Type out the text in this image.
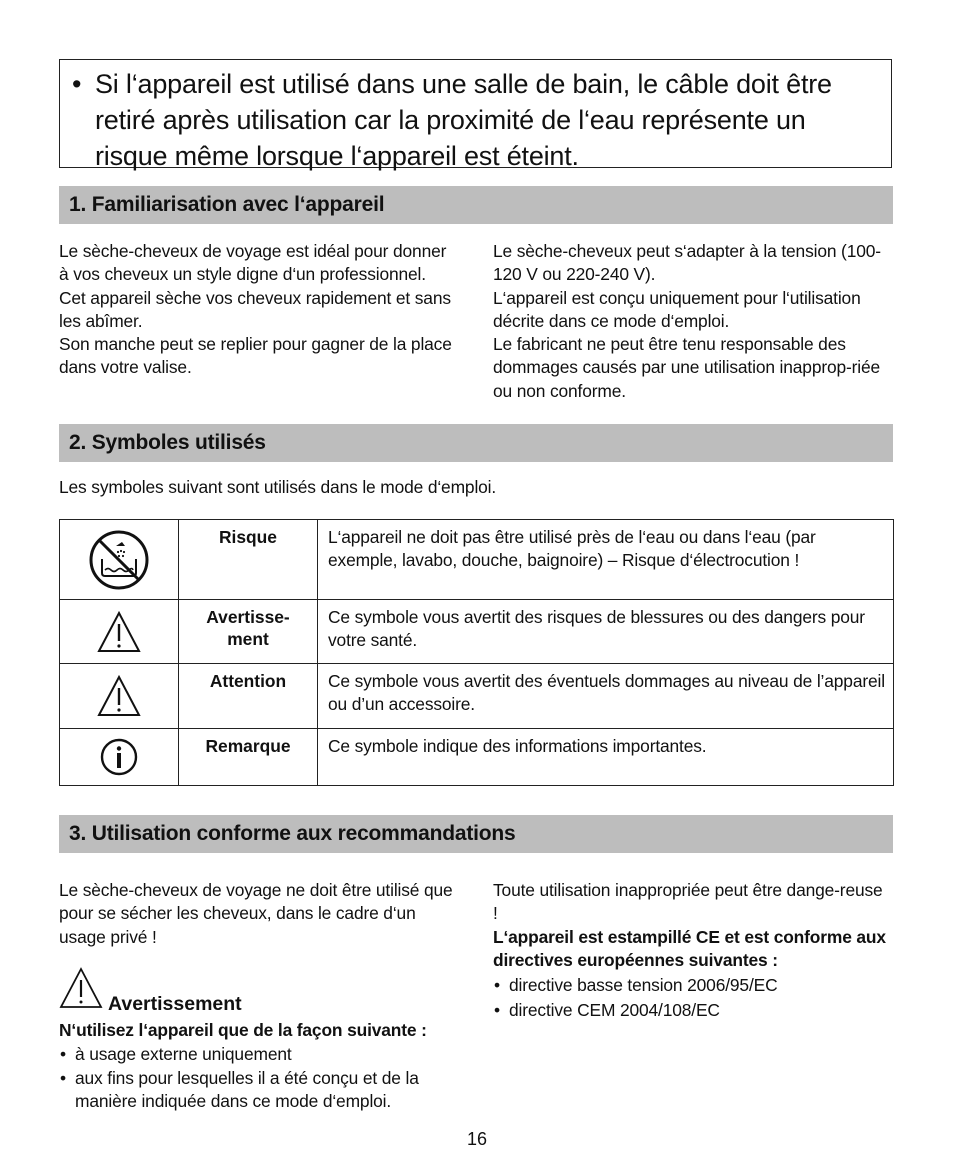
• Si l‘appareil est utilisé dans une salle de bain, le câble doit être retiré après utilisation car la proximité de l‘eau représente un risque même lorsque l‘appareil est éteint.
1. Familiarisation avec l‘appareil

Le sèche-cheveux de voyage est idéal pour donner à vos cheveux un style digne d‘un professionnel.

Cet appareil sèche vos cheveux rapidement et sans les abîmer.

Son manche peut se replier pour gagner de la place dans votre valise.

Le sèche-cheveux peut s‘adapter à la tension (100-120 V ou 220-240 V).

L‘appareil est conçu uniquement pour l‘utilisation décrite dans ce mode d‘emploi.

Le fabricant ne peut être tenu responsable des dommages causés par une utilisation inapprop-riée ou non conforme.

2. Symboles utilisés
Les symboles suivant sont utilisés dans le mode d‘emploi.
	Risque	L‘appareil ne doit pas être utilisé près de l‘eau ou dans l‘eau (par exemple, lavabo, douche, baignoire) – Risque d‘électrocution !

	Avertisse-ment	Ce symbole vous avertit des risques de blessures ou des dangers pour votre santé.

	Attention	Ce symbole vous avertit des éventuels dommages au niveau de l’appareil ou d’un accessoire.

	Remarque	Ce symbole indique des informations importantes.
3. Utilisation conforme aux recommandations
Le sèche-cheveux de voyage ne doit être utilisé que pour se sécher les cheveux, dans le cadre d‘un usage privé !
Avertissement
N‘utilisez l‘appareil que de la façon suivante :
• à usage externe uniquement
• aux fins pour lesquelles il a été conçu et de la manière indiquée dans ce mode d‘emploi.
Toute utilisation inappropriée peut être dange-reuse !
L‘appareil est estampillé CE et est conforme aux directives européennes suivantes :
• directive basse tension 2006/95/EC
• directive CEM 2004/108/EC
16
